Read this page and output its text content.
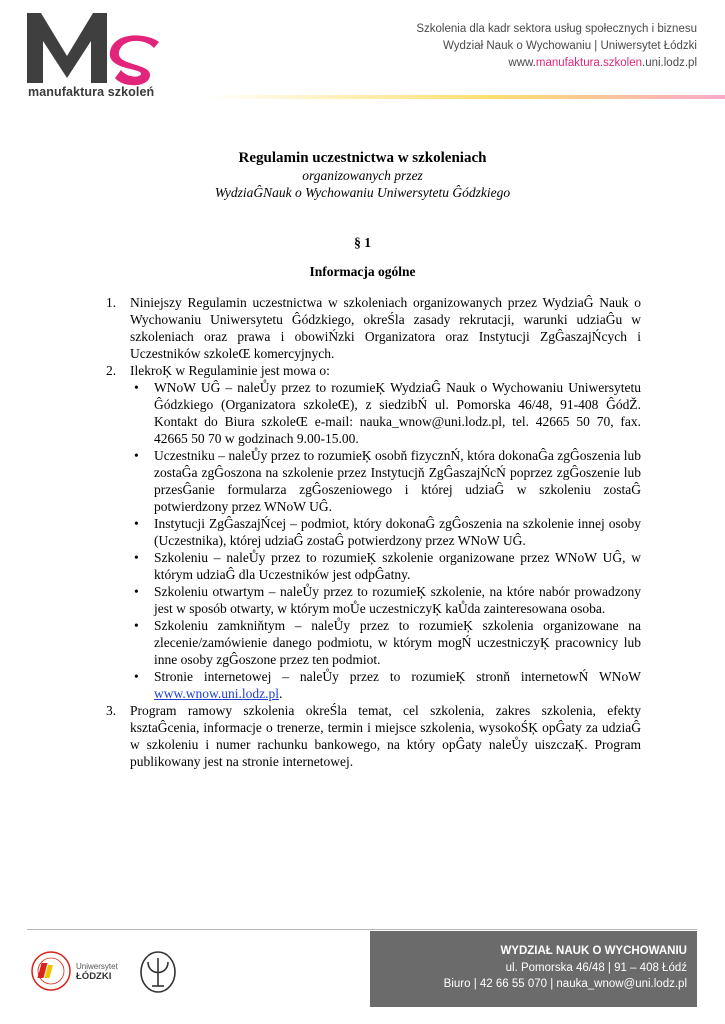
manufaktura szkoleń
Szkolenia dla kadr sektora usług społecznych i biznesu
Wydział Nauk o Wychowaniu | Uniwersytet Łódzki
www.manufaktura.szkolen.uni.lodz.pl
Regulamin uczestnictwa w szkoleniach
organizowanych przez
WydziaĜNauk o Wychowaniu Uniwersytetu Ĝódzkiego
§ 1
Informacja ogólne
1. Niniejszy Regulamin uczestnictwa w szkoleniach organizowanych przez WydziaĜ Nauk o Wychowaniu Uniwersytetu Ĝódzkiego, okreŚla zasady rekrutacji, warunki udziaĜu w szkoleniach oraz prawa i obowiŃzki Organizatora oraz Instytucji ZgĜaszajŃcych i Uczestników szkoleŒ komercyjnych.
2. IlekroĶ w Regulaminie jest mowa o:
• WNoW UĜ – naleŮy przez to rozumieĶ WydziaĜ Nauk o Wychowaniu Uniwersytetu Ĝódzkiego (Organizatora szkoleŒ), z siedzibŃ ul. Pomorska 46/48, 91-408 ĜódŽ. Kontakt do Biura szkoleŒ e-mail: nauka_wnow@uni.lodz.pl, tel. 42665 50 70, fax. 42665 50 70 w godzinach 9.00-15.00.
• Uczestniku – naleŮy przez to rozumieĶ osobň fizycznŃ, która dokonaĜa zgĜoszenia lub zostaĜa zgĜoszona na szkolenie przez Instytucjň ZgĜaszajŃcŃ poprzez zgĜoszenie lub przesĜanie formularza zgĜoszeniowego i której udziaĜ w szkoleniu zostaĜ potwierdzony przez WNoW UĜ.
• Instytucji ZgĜaszajŃcej – podmiot, który dokonaĜ zgĜoszenia na szkolenie innej osoby (Uczestnika), której udziaĜ zostaĜ potwierdzony przez WNoW UĜ.
• Szkoleniu – naleŮy przez to rozumieĶ szkolenie organizowane przez WNoW UĜ, w którym udziaĜ dla Uczestników jest odpĜatny.
• Szkoleniu otwartym – naleŮy przez to rozumieĶ szkolenie, na które nabór prowadzony jest w sposób otwarty, w którym moŮe uczestniczyĶ kaŮda zainteresowana osoba.
• Szkoleniu zamkniňtym – naleŮy przez to rozumieĶ szkolenia organizowane na zlecenie/zamówienie danego podmiotu, w którym mogŃ uczestniczyĶ pracownicy lub inne osoby zgĜoszone przez ten podmiot.
• Stronie internetowej – naleŮy przez to rozumieĶ stronň internetowŃ WNoW www.wnow.uni.lodz.pl.
3. Program ramowy szkolenia okreŚla temat, cel szkolenia, zakres szkolenia, efekty ksztaĜcenia, informacje o trenerze, termin i miejsce szkolenia, wysokoŚĶ opĜaty za udziaĜ w szkoleniu i numer rachunku bankowego, na który opĜaty naleŮy uiszczaĶ. Program publikowany jest na stronie internetowej.
Uniwersytet
ŁÓDZKI
WYDZIAŁ NAUK O WYCHOWANIU
ul. Pomorska 46/48 | 91 – 408 Łódź
Biuro | 42 66 55 070 | nauka_wnow@uni.lodz.pl
